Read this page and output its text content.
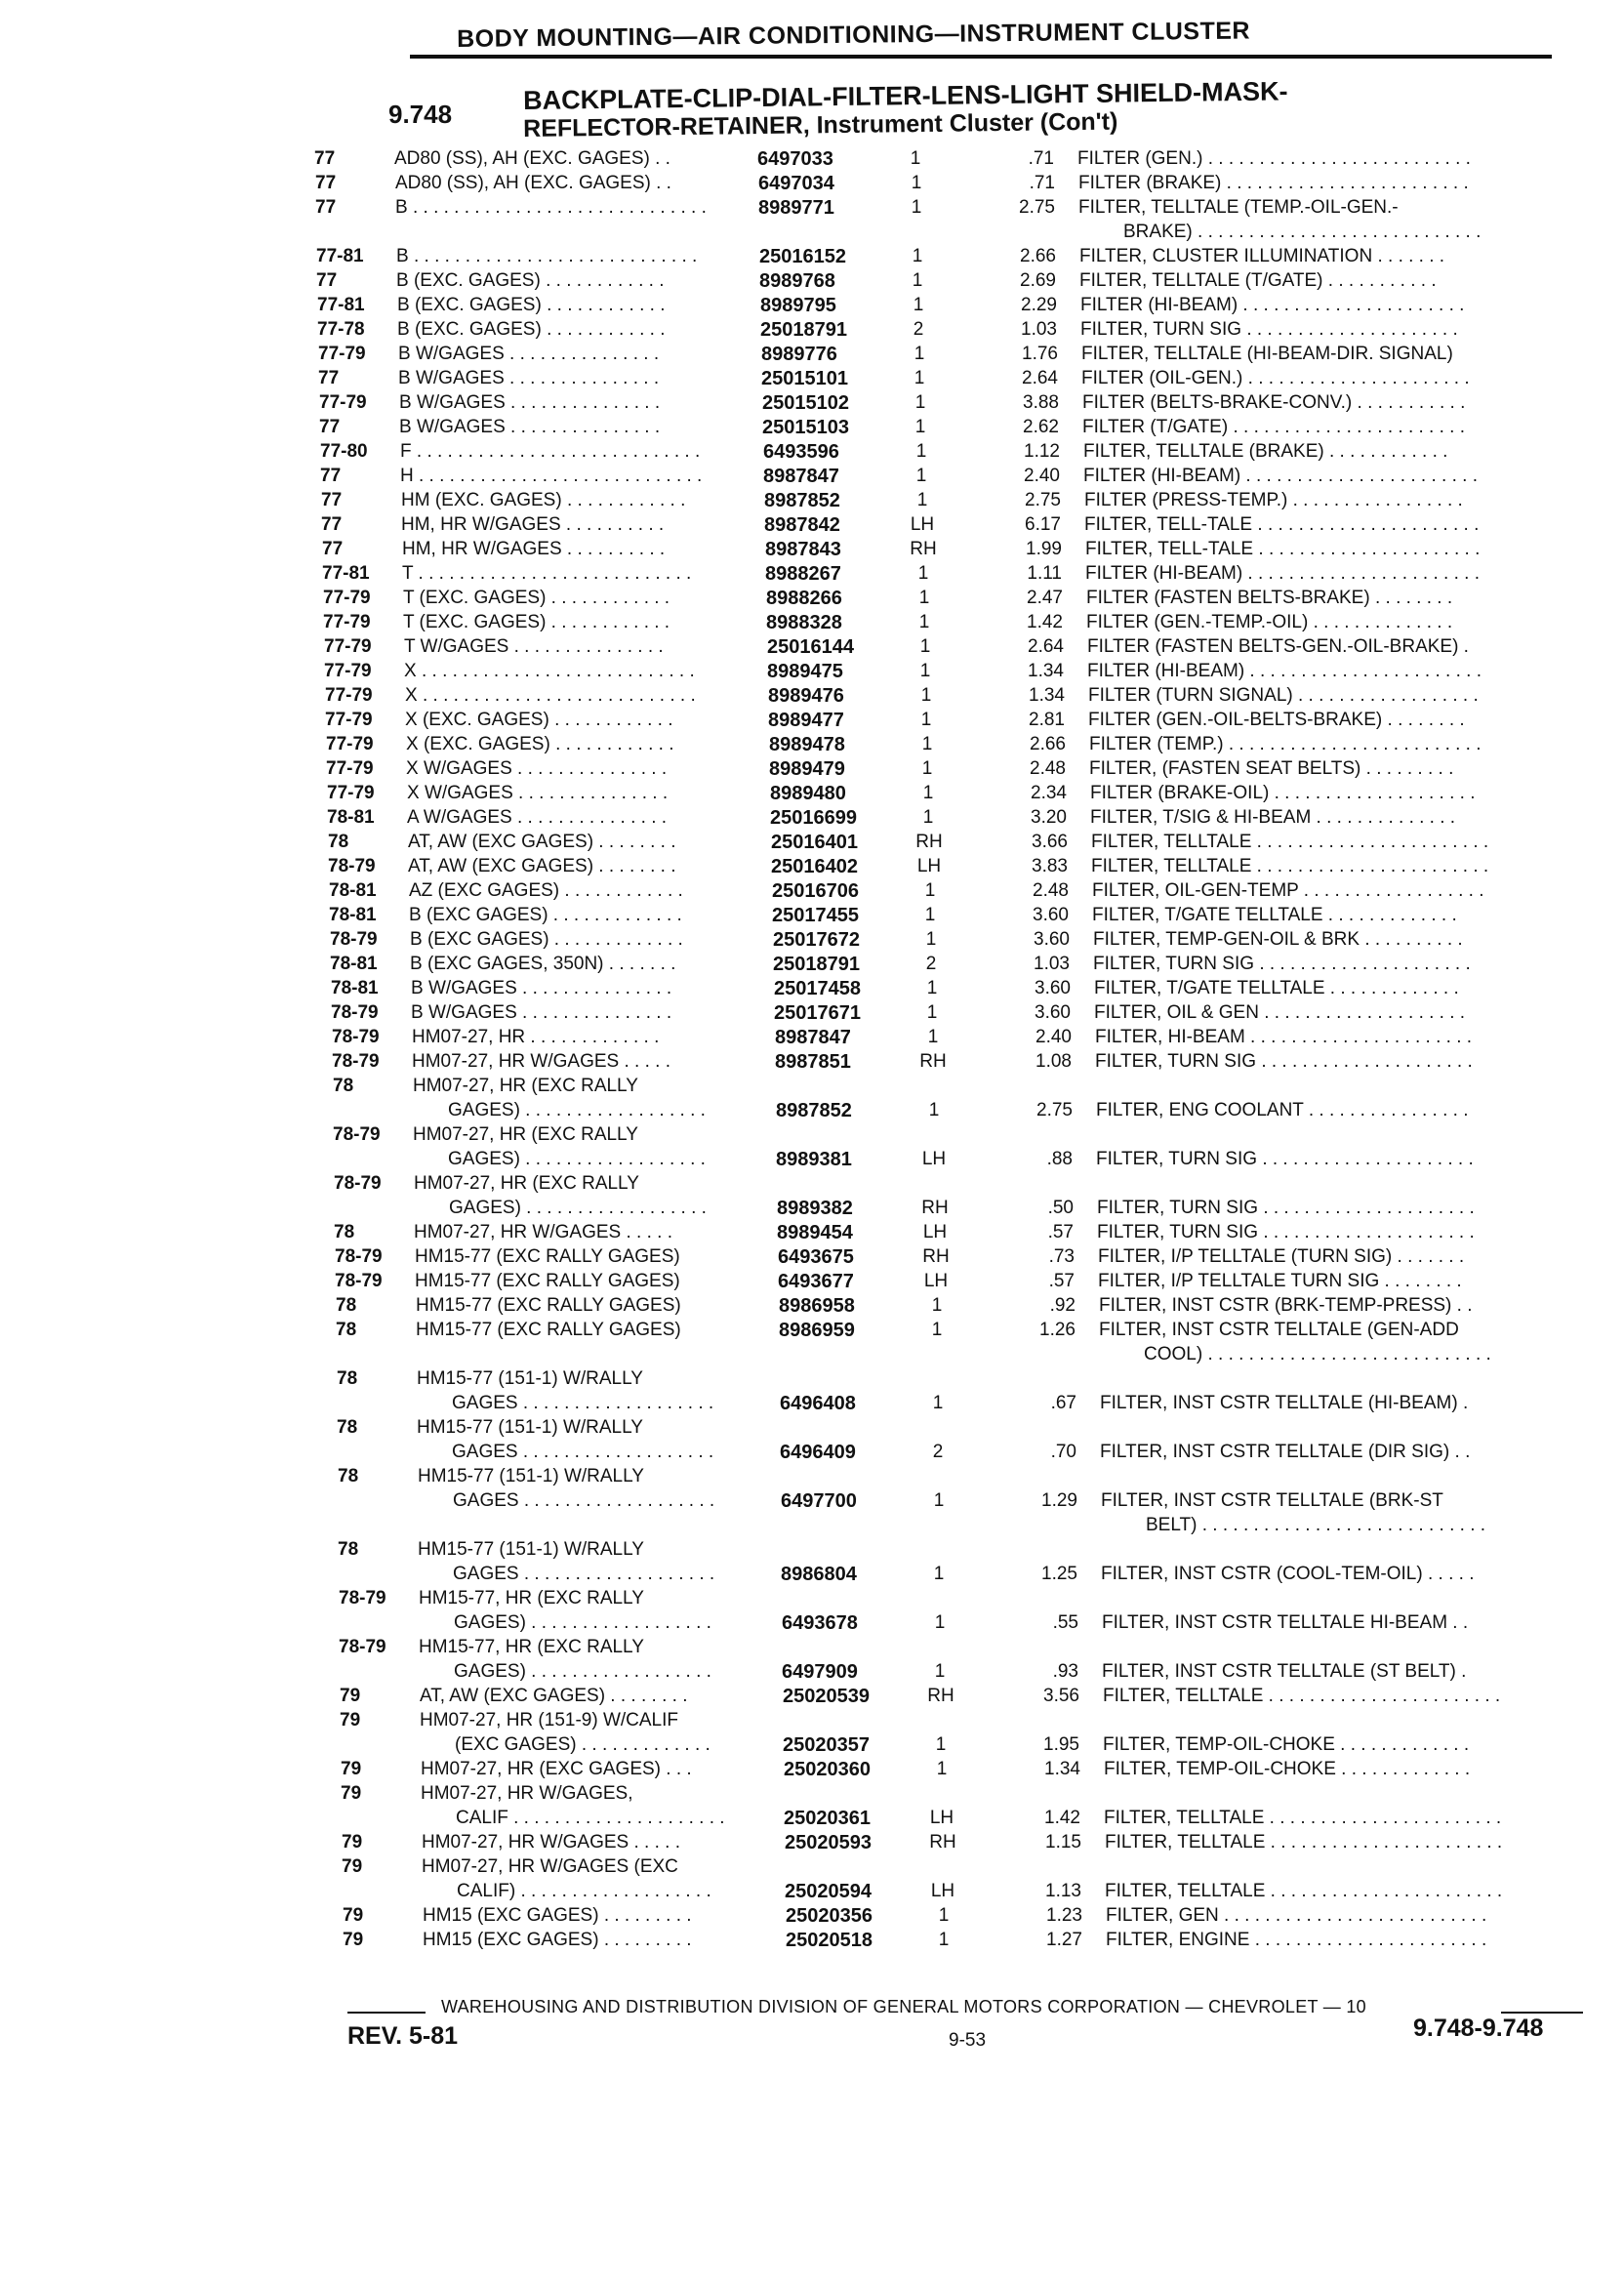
BODY MOUNTING—AIR CONDITIONING—INSTRUMENT CLUSTER
9.748	BACKPLATE-CLIP-DIAL-FILTER-LENS-LIGHT SHIELD-MASK-
REFLECTOR-RETAINER, Instrument Cluster (Con't)
77	AD80 (SS), AH (EXC. GAGES) . .	6497033	1	.71 FILTER (GEN.) . . . . . . . . . . . . . . . . . . . . . . . . . .
77	AD80 (SS), AH (EXC. GAGES) . .	6497034	1	.71 FILTER (BRAKE) . . . . . . . . . . . . . . . . . . . . . . . .
77	B . . . . . . . . . . . . . . . . . . . . . . . . . . . . .	8989771	1	2.75 FILTER, TELLTALE (TEMP.-OIL-GEN.-
BRAKE) . . . . . . . . . . . . . . . . . . . . . . . . . . . .
77-81	B . . . . . . . . . . . . . . . . . . . . . . . . . . . .	25016152	1	2.66 FILTER, CLUSTER ILLUMINATION . . . . . . .
77	B (EXC. GAGES) . . . . . . . . . . . .	8989768	1	2.69 FILTER, TELLTALE (T/GATE) . . . . . . . . . . .
77-81	B (EXC. GAGES) . . . . . . . . . . . .	8989795	1	2.29 FILTER (HI-BEAM) . . . . . . . . . . . . . . . . . . . . . .
77-78	B (EXC. GAGES) . . . . . . . . . . . .	25018791	2	1.03 FILTER, TURN SIG . . . . . . . . . . . . . . . . . . . . .
77-79	B W/GAGES . . . . . . . . . . . . . . .	8989776	1	1.76 FILTER, TELLTALE (HI-BEAM-DIR. SIGNAL)
77	B W/GAGES . . . . . . . . . . . . . . .	25015101	1	2.64 FILTER (OIL-GEN.) . . . . . . . . . . . . . . . . . . . . . .
77-79	B W/GAGES . . . . . . . . . . . . . . .	25015102	1	3.88 FILTER (BELTS-BRAKE-CONV.) . . . . . . . . . . .
77	B W/GAGES . . . . . . . . . . . . . . .	25015103	1	2.62 FILTER (T/GATE) . . . . . . . . . . . . . . . . . . . . . . .
77-80	F . . . . . . . . . . . . . . . . . . . . . . . . . . . .	6493596	1	1.12 FILTER, TELLTALE (BRAKE) . . . . . . . . . . . .
77	H . . . . . . . . . . . . . . . . . . . . . . . . . . . .	8987847	1	2.40 FILTER (HI-BEAM) . . . . . . . . . . . . . . . . . . . . . . .
77	HM (EXC. GAGES) . . . . . . . . . . . .	8987852	1	2.75 FILTER (PRESS-TEMP.) . . . . . . . . . . . . . . . . .
77	HM, HR W/GAGES . . . . . . . . . .	8987842	LH	6.17 FILTER, TELL-TALE . . . . . . . . . . . . . . . . . . . . . .
77	HM, HR W/GAGES . . . . . . . . . .	8987843	RH	1.99 FILTER, TELL-TALE . . . . . . . . . . . . . . . . . . . . . .
77-81	T . . . . . . . . . . . . . . . . . . . . . . . . . . .	8988267	1	1.11 FILTER (HI-BEAM) . . . . . . . . . . . . . . . . . . . . . . .
77-79	T (EXC. GAGES) . . . . . . . . . . . .	8988266	1	2.47 FILTER (FASTEN BELTS-BRAKE) . . . . . . . .
77-79	T (EXC. GAGES) . . . . . . . . . . . .	8988328	1	1.42 FILTER (GEN.-TEMP.-OIL) . . . . . . . . . . . . . .
77-79	T W/GAGES . . . . . . . . . . . . . . .	25016144	1	2.64 FILTER (FASTEN BELTS-GEN.-OIL-BRAKE) .
77-79	X . . . . . . . . . . . . . . . . . . . . . . . . . . .	8989475	1	1.34 FILTER (HI-BEAM) . . . . . . . . . . . . . . . . . . . . . . .
77-79	X . . . . . . . . . . . . . . . . . . . . . . . . . . .	8989476	1	1.34 FILTER (TURN SIGNAL) . . . . . . . . . . . . . . . . . .
77-79	X (EXC. GAGES) . . . . . . . . . . . .	8989477	1	2.81 FILTER (GEN.-OIL-BELTS-BRAKE) . . . . . . . .
77-79	X (EXC. GAGES) . . . . . . . . . . . .	8989478	1	2.66 FILTER (TEMP.) . . . . . . . . . . . . . . . . . . . . . . . . .
77-79	X W/GAGES . . . . . . . . . . . . . . .	8989479	1	2.48 FILTER, (FASTEN SEAT BELTS) . . . . . . . . .
77-79	X W/GAGES . . . . . . . . . . . . . . .	8989480	1	2.34 FILTER (BRAKE-OIL) . . . . . . . . . . . . . . . . . . . .
78-81	A W/GAGES . . . . . . . . . . . . . . .	25016699	1	3.20 FILTER, T/SIG & HI-BEAM . . . . . . . . . . . . . .
78	AT, AW (EXC GAGES) . . . . . . . .	25016401	RH	3.66 FILTER, TELLTALE . . . . . . . . . . . . . . . . . . . . . . .
78-79	AT, AW (EXC GAGES) . . . . . . . .	25016402	LH	3.83 FILTER, TELLTALE . . . . . . . . . . . . . . . . . . . . . . .
78-81	AZ (EXC GAGES) . . . . . . . . . . . .	25016706	1	2.48 FILTER, OIL-GEN-TEMP . . . . . . . . . . . . . . . . . .
78-81	B (EXC GAGES) . . . . . . . . . . . . .	25017455	1	3.60 FILTER, T/GATE TELLTALE . . . . . . . . . . . . .
78-79	B (EXC GAGES) . . . . . . . . . . . . .	25017672	1	3.60 FILTER, TEMP-GEN-OIL & BRK . . . . . . . . . .
78-81	B (EXC GAGES, 350N) . . . . . . .	25018791	2	1.03 FILTER, TURN SIG . . . . . . . . . . . . . . . . . . . . .
78-81	B W/GAGES . . . . . . . . . . . . . . .	25017458	1	3.60 FILTER, T/GATE TELLTALE . . . . . . . . . . . . .
78-79	B W/GAGES . . . . . . . . . . . . . . .	25017671	1	3.60 FILTER, OIL & GEN . . . . . . . . . . . . . . . . . . . .
78-79	HM07-27, HR . . . . . . . . . . . . .	8987847	1	2.40 FILTER, HI-BEAM . . . . . . . . . . . . . . . . . . . . . .
78-79	HM07-27, HR W/GAGES . . . . .	8987851	RH	1.08 FILTER, TURN SIG . . . . . . . . . . . . . . . . . . . . .
78	HM07-27, HR (EXC RALLY
GAGES) . . . . . . . . . . . . . . . . . .	8987852	1	2.75 FILTER, ENG COOLANT . . . . . . . . . . . . . . . .
78-79	HM07-27, HR (EXC RALLY
GAGES) . . . . . . . . . . . . . . . . . .	8989381	LH	.88 FILTER, TURN SIG . . . . . . . . . . . . . . . . . . . . .
78-79	HM07-27, HR (EXC RALLY
GAGES) . . . . . . . . . . . . . . . . . .	8989382	RH	.50 FILTER, TURN SIG . . . . . . . . . . . . . . . . . . . . .
78	HM07-27, HR W/GAGES . . . . .	8989454	LH	.57 FILTER, TURN SIG . . . . . . . . . . . . . . . . . . . . .
78-79	HM15-77 (EXC RALLY GAGES)	6493675	RH	.73 FILTER, I/P TELLTALE (TURN SIG) . . . . . . .
78-79	HM15-77 (EXC RALLY GAGES)	6493677	LH	.57 FILTER, I/P TELLTALE TURN SIG . . . . . . . .
78	HM15-77 (EXC RALLY GAGES)	8986958	1	.92 FILTER, INST CSTR (BRK-TEMP-PRESS) . .
78	HM15-77 (EXC RALLY GAGES)	8986959	1	1.26 FILTER, INST CSTR TELLTALE (GEN-ADD
COOL) . . . . . . . . . . . . . . . . . . . . . . . . . . . .
78	HM15-77 (151-1) W/RALLY
GAGES . . . . . . . . . . . . . . . . . . .	6496408	1	.67 FILTER, INST CSTR TELLTALE (HI-BEAM) .
78	HM15-77 (151-1) W/RALLY
GAGES . . . . . . . . . . . . . . . . . . .	6496409	2	.70 FILTER, INST CSTR TELLTALE (DIR SIG) . .
78	HM15-77 (151-1) W/RALLY
GAGES . . . . . . . . . . . . . . . . . . .	6497700	1	1.29 FILTER, INST CSTR TELLTALE (BRK-ST
BELT) . . . . . . . . . . . . . . . . . . . . . . . . . . . .
78	HM15-77 (151-1) W/RALLY
GAGES . . . . . . . . . . . . . . . . . . .	8986804	1	1.25 FILTER, INST CSTR (COOL-TEM-OIL) . . . . .
78-79	HM15-77, HR (EXC RALLY
GAGES) . . . . . . . . . . . . . . . . . .	6493678	1	.55 FILTER, INST CSTR TELLTALE HI-BEAM . .
78-79	HM15-77, HR (EXC RALLY
GAGES) . . . . . . . . . . . . . . . . . .	6497909	1	.93 FILTER, INST CSTR TELLTALE (ST BELT) .
79	AT, AW (EXC GAGES) . . . . . . . .	25020539	RH	3.56 FILTER, TELLTALE . . . . . . . . . . . . . . . . . . . . . . .
79	HM07-27, HR (151-9) W/CALIF
(EXC GAGES) . . . . . . . . . . . . .	25020357	1	1.95 FILTER, TEMP-OIL-CHOKE . . . . . . . . . . . . .
79	HM07-27, HR (EXC GAGES) . . .	25020360	1	1.34 FILTER, TEMP-OIL-CHOKE . . . . . . . . . . . . .
79	HM07-27, HR W/GAGES,
CALIF . . . . . . . . . . . . . . . . . . . . .	25020361	LH	1.42 FILTER, TELLTALE . . . . . . . . . . . . . . . . . . . . . . .
79	HM07-27, HR W/GAGES . . . . .	25020593	RH	1.15 FILTER, TELLTALE . . . . . . . . . . . . . . . . . . . . . . .
79	HM07-27, HR W/GAGES (EXC
CALIF) . . . . . . . . . . . . . . . . . . .	25020594	LH	1.13 FILTER, TELLTALE . . . . . . . . . . . . . . . . . . . . . . .
79	HM15 (EXC GAGES) . . . . . . . . .	25020356	1	1.23 FILTER, GEN . . . . . . . . . . . . . . . . . . . . . . . . . .
79	HM15 (EXC GAGES) . . . . . . . . .	25020518	1	1.27 FILTER, ENGINE . . . . . . . . . . . . . . . . . . . . . . .
WAREHOUSING AND DISTRIBUTION DIVISION OF GENERAL MOTORS CORPORATION — CHEVROLET — 10
REV. 5-81	9-53	9.748-9.748
